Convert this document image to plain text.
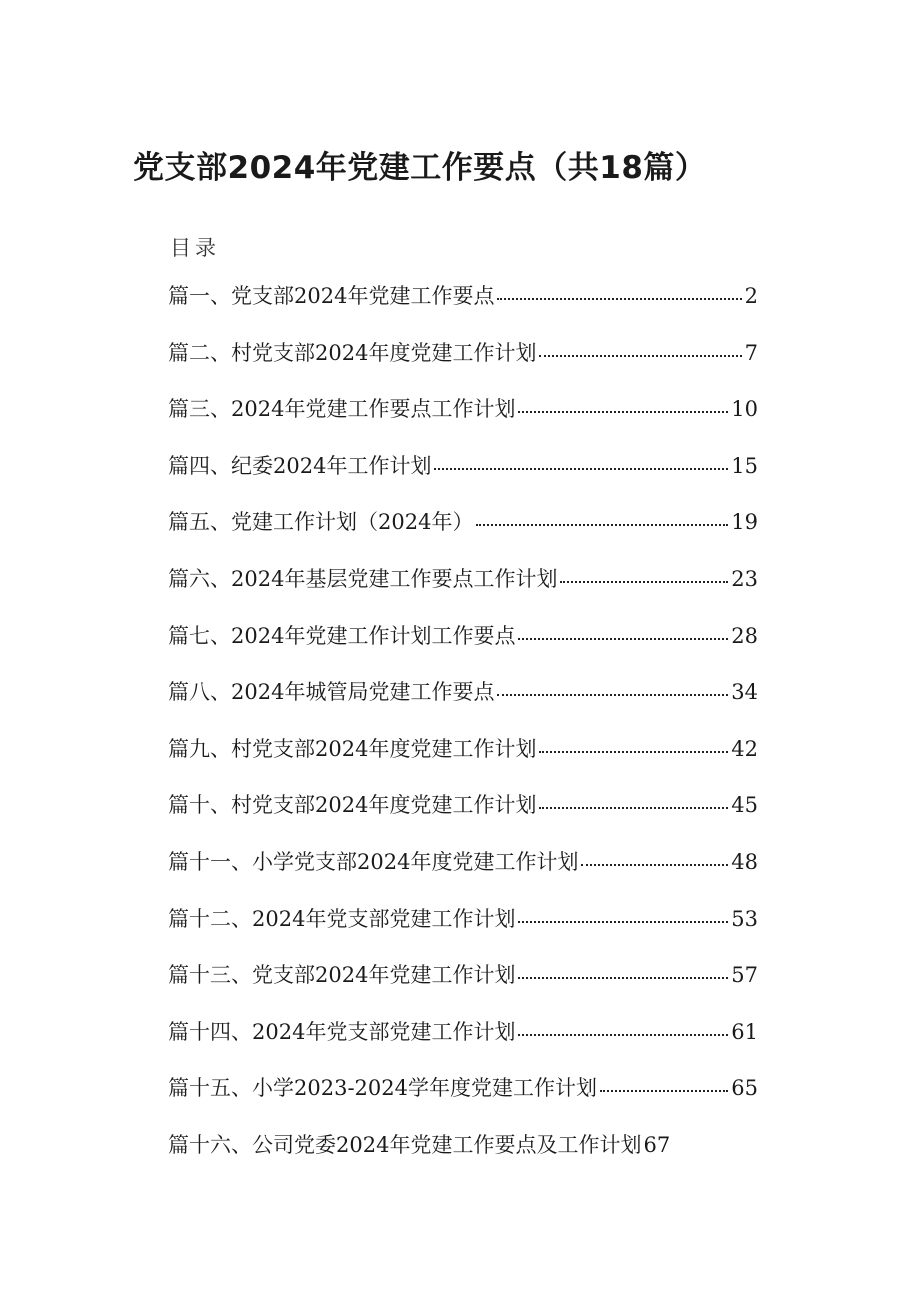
党支部2024年党建工作要点（共18篇）
目录
篇一、党支部2024年党建工作要点	2
篇二、村党支部2024年度党建工作计划	7
篇三、2024年党建工作要点工作计划	10
篇四、纪委2024年工作计划	15
篇五、党建工作计划（2024年）	19
篇六、2024年基层党建工作要点工作计划	23
篇七、2024年党建工作计划工作要点	28
篇八、2024年城管局党建工作要点	34
篇九、村党支部2024年度党建工作计划	42
篇十、村党支部2024年度党建工作计划	45
篇十一、小学党支部2024年度党建工作计划	48
篇十二、2024年党支部党建工作计划	53
篇十三、党支部2024年党建工作计划	57
篇十四、2024年党支部党建工作计划	61
篇十五、小学2023-2024学年度党建工作计划	65
篇十六、公司党委2024年党建工作要点及工作计划 67
